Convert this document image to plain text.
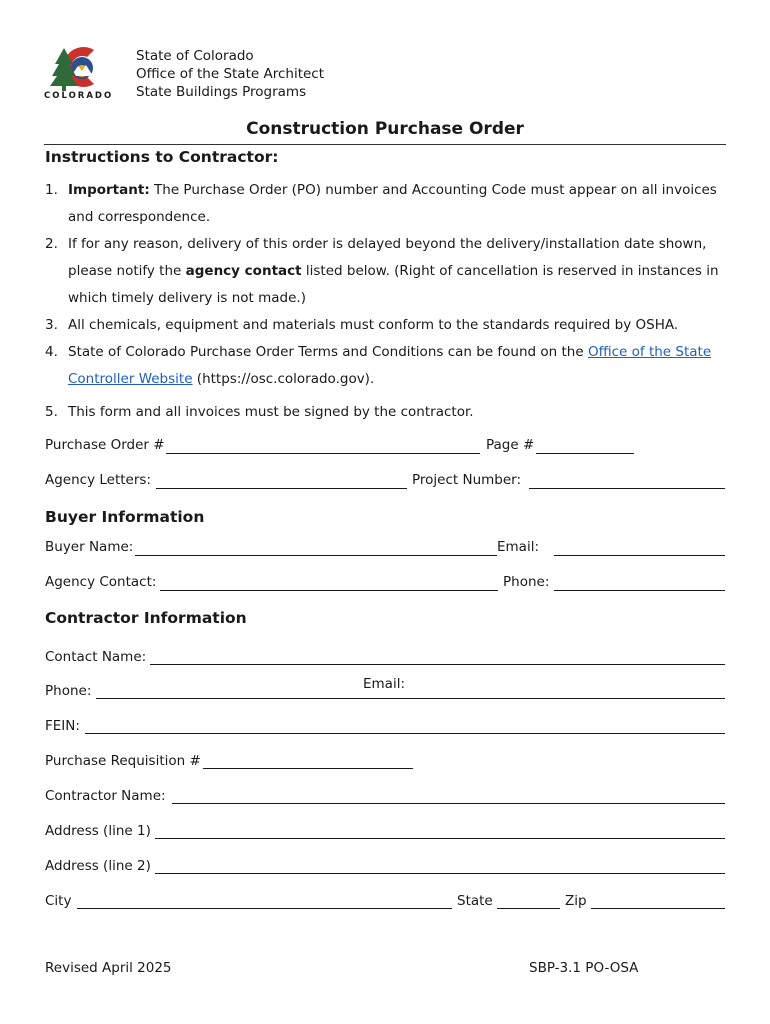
COLORADO
State of Colorado
Office of the State Architect
State Buildings Programs
Construction Purchase Order
Instructions to Contractor:
1. Important: The Purchase Order (PO) number and Accounting Code must appear on all invoices and correspondence.
2. If for any reason, delivery of this order is delayed beyond the delivery/installation date shown, please notify the agency contact listed below. (Right of cancellation is reserved in instances in which timely delivery is not made.)
3. All chemicals, equipment and materials must conform to the standards required by OSHA.
4. State of Colorado Purchase Order Terms and Conditions can be found on the Office of the State Controller Website (https://osc.colorado.gov).
5. This form and all invoices must be signed by the contractor.
Purchase Order #	Page #
Agency Letters:	Project Number:
Buyer Information
Buyer Name:	Email:
Agency Contact:	Phone:
Contractor Information
Contact Name:
Phone:	Email:
FEIN:
Purchase Requisition #
Contractor Name:
Address (line 1)
Address (line 2)
City	State	Zip
Revised April 2025	SBP-3.1 PO-OSA
